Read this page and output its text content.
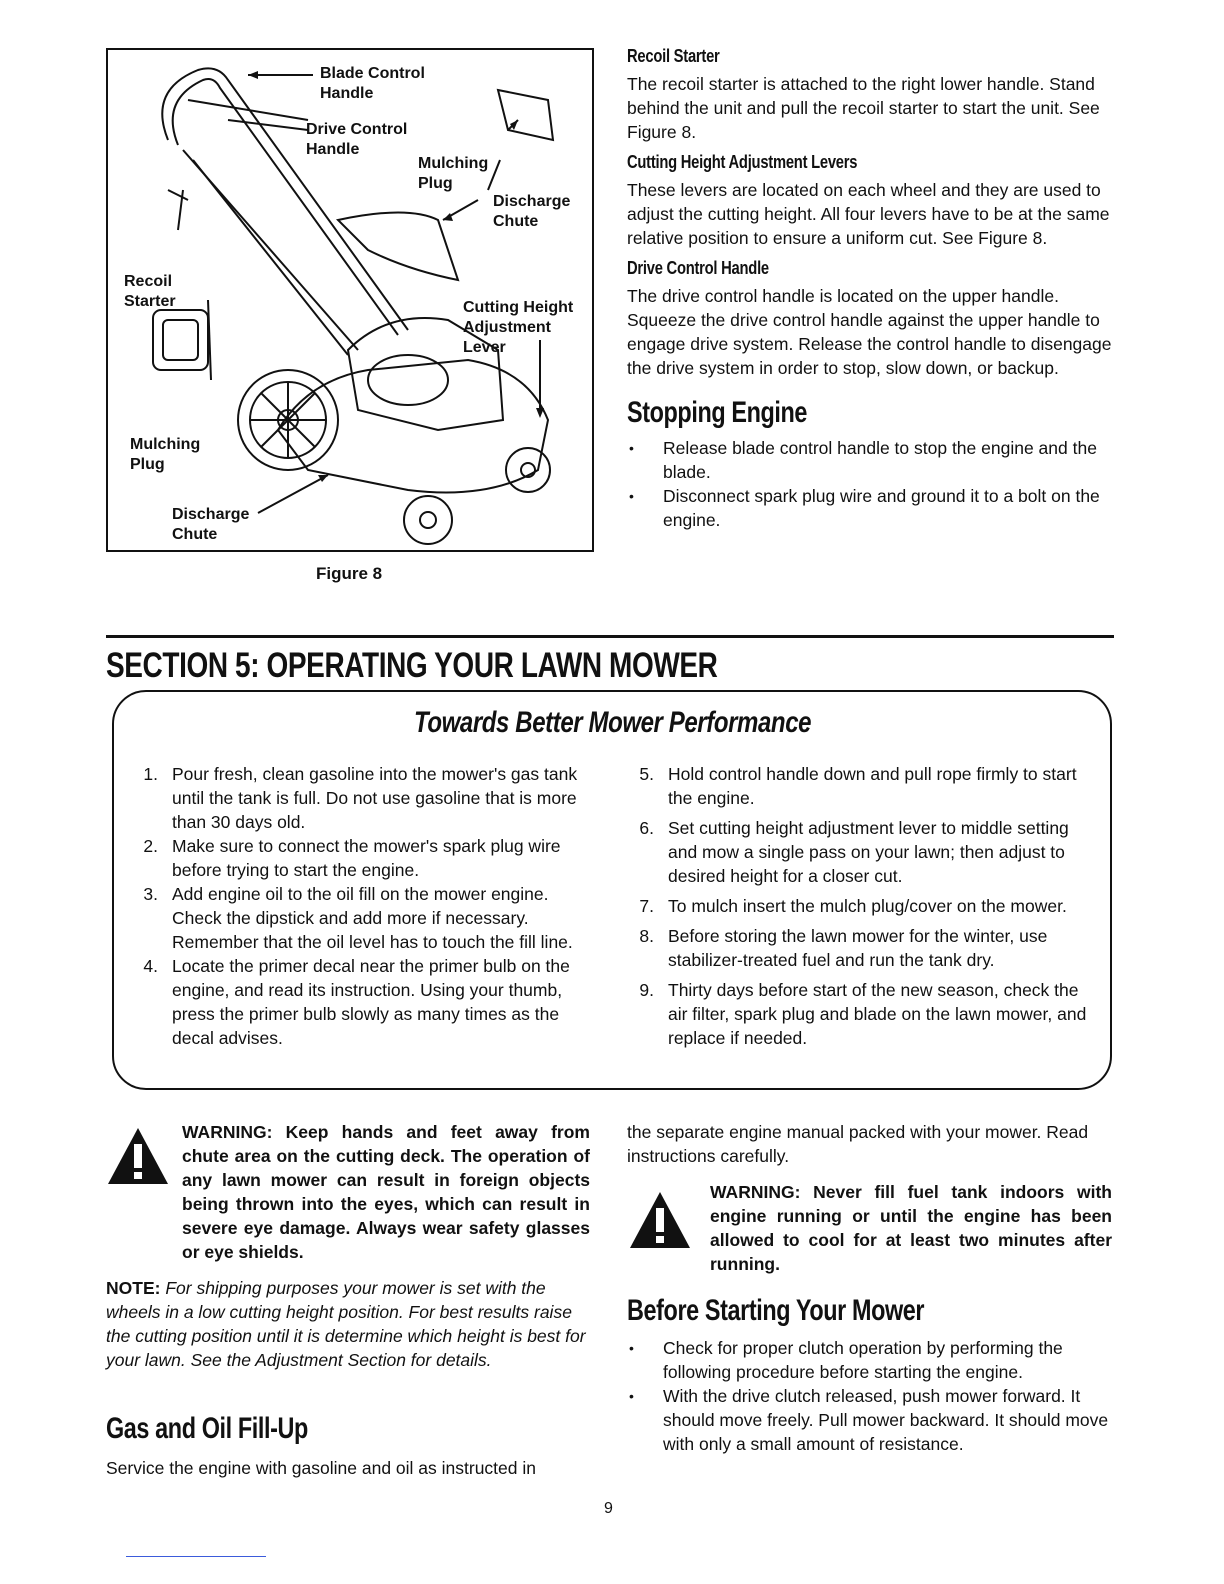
Blade Control
Handle
Drive Control
Handle
Mulching
Plug
Discharge
Chute
Recoil
Starter	Cutting Height
Adjustment
Lever
Mulching
Plug
Discharge
Chute
Figure 8
Recoil Starter
The recoil starter is attached to the right lower handle. Stand behind the unit and pull the recoil starter to start the unit. See Figure 8.
Cutting Height Adjustment Levers
These levers are located on each wheel and they are used to adjust the cutting height. All four levers have to be at the same relative position to ensure a uniform cut. See Figure 8.
Drive Control Handle
The drive control handle is located on the upper handle. Squeeze the drive control handle against the upper handle to engage drive system. Release the control handle to disengage the drive system in order to stop, slow down, or backup.
Stopping Engine
• Release blade control handle to stop the engine and the blade.
• Disconnect spark plug wire and ground it to a bolt on the engine.
SECTION 5: OPERATING YOUR LAWN MOWER
Towards Better Mower Performance
1. Pour fresh, clean gasoline into the mower's gas tank until the tank is full. Do not use gasoline that is more than 30 days old.
2. Make sure to connect the mower's spark plug wire before trying to start the engine.
3. Add engine oil to the oil fill on the mower engine. Check the dipstick and add more if necessary. Remember that the oil level has to touch the fill line.
4. Locate the primer decal near the primer bulb on the engine, and read its instruction. Using your thumb, press the primer bulb slowly as many times as the decal advises.
5. Hold control handle down and pull rope firmly to start the engine.
6. Set cutting height adjustment lever to middle setting and mow a single pass on your lawn; then adjust to desired height for a closer cut.
7. To mulch insert the mulch plug/cover on the mower.
8. Before storing the lawn mower for the winter, use stabilizer-treated fuel and run the tank dry.
9. Thirty days before start of the new season, check the air filter, spark plug and blade on the lawn mower, and replace if needed.
WARNING: Keep hands and feet away from chute area on the cutting deck. The operation of any lawn mower can result in foreign objects being thrown into the eyes, which can result in severe eye damage. Always wear safety glasses or eye shields.
NOTE: For shipping purposes your mower is set with the wheels in a low cutting height position. For best results raise the cutting position until it is determine which height is best for your lawn. See the Adjustment Section for details.
Gas and Oil Fill-Up
Service the engine with gasoline and oil as instructed in
the separate engine manual packed with your mower. Read instructions carefully.
WARNING: Never fill fuel tank indoors with engine running or until the engine has been allowed to cool for at least two minutes after running.
Before Starting Your Mower
• Check for proper clutch operation by performing the following procedure before starting the engine.
• With the drive clutch released, push mower forward. It should move freely. Pull mower backward. It should move with only a small amount of resistance.
9
